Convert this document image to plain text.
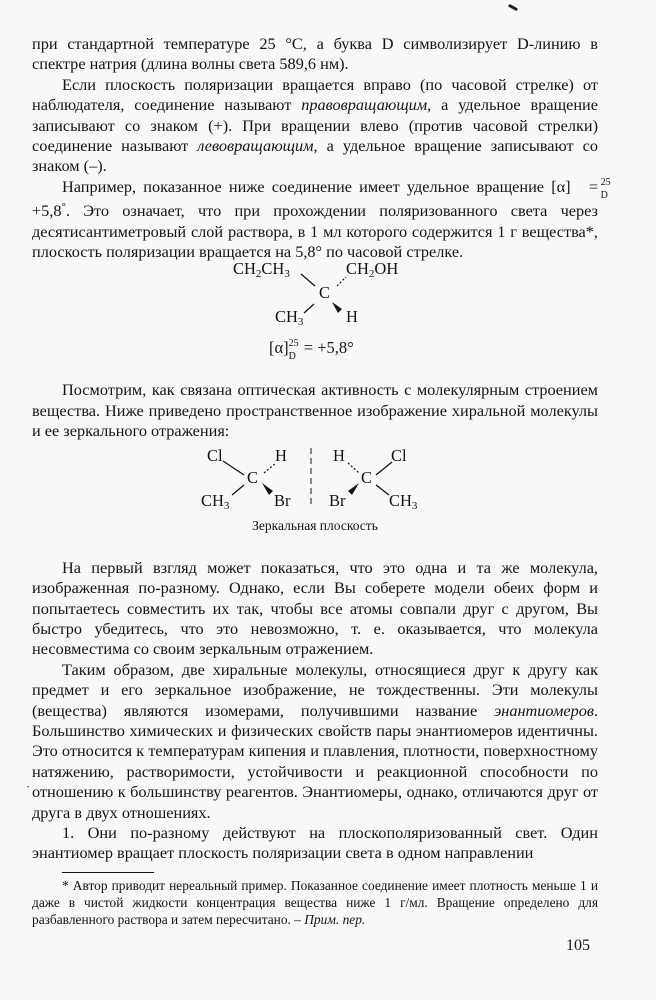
при стандартной температуре 25 °С, а буква D символизирует D-линию в спектре натрия (длина волны света 589,6 нм).

Если плоскость поляризации вращается вправо (по часовой стрелке) от наблюдателя, соединение называют правовращающим, а удельное вращение записывают со знаком (+). При вращении влево (против часовой стрелки) соединение называют левовращающим, а удельное вращение записывают со знаком (–).

Например, показанное ниже соединение имеет удельное вращение [α]	25
D
= +5,8°. Это означает, что при прохождении поляризованного света через десятисантиметровый слой раствора, в 1 мл которого содержится 1 г вещества*, плоскость поляризации вращается на 5,8° по часовой стрелке.

$CH_2CH_3$	$CH_2OH$
C
$CH_3$	H
[α] 25
D = +5,8°

Посмотрим, как связана оптическая активность с молекулярным строением вещества. Ниже приведено пространственное изображение хиральной молекулы и ее зеркального отражения:

Cl	H
C
$CH_3$	Br
H	Cl
C
Br	$CH_3$
Зеркальная плоскость

На первый взгляд может показаться, что это одна и та же молекула, изображенная по-разному. Однако, если Вы соберете модели обеих форм и попытаетесь совместить их так, чтобы все атомы совпали друг с другом, Вы быстро убедитесь, что это невозможно, т. е. оказывается, что молекула несовместима со своим зеркальным отражением.

Таким образом, две хиральные молекулы, относящиеся друг к другу как предмет и его зеркальное изображение, не тождественны. Эти молекулы (вещества) являются изомерами, получившими название энантиомеров. Большинство химических и физических свойств пары энантиомеров идентичны. Это относится к температурам кипения и плавления, плотности, поверхностному натяжению, растворимости, устойчивости и реакционной способности по отношению к большинству реагентов. Энантиомеры, однако, отличаются друг от друга в двух отношениях.

1. Они по-разному действуют на плоскополяризованный свет. Один энантиомер вращает плоскость поляризации света в одном направлении

* Автор приводит нереальный пример. Показанное соединение имеет плотность меньше 1 и даже в чистой жидкости концентрация вещества ниже 1 г/мл. Вращение определено для разбавленного раствора и затем пересчитано. – Прим. пер.

·
105
